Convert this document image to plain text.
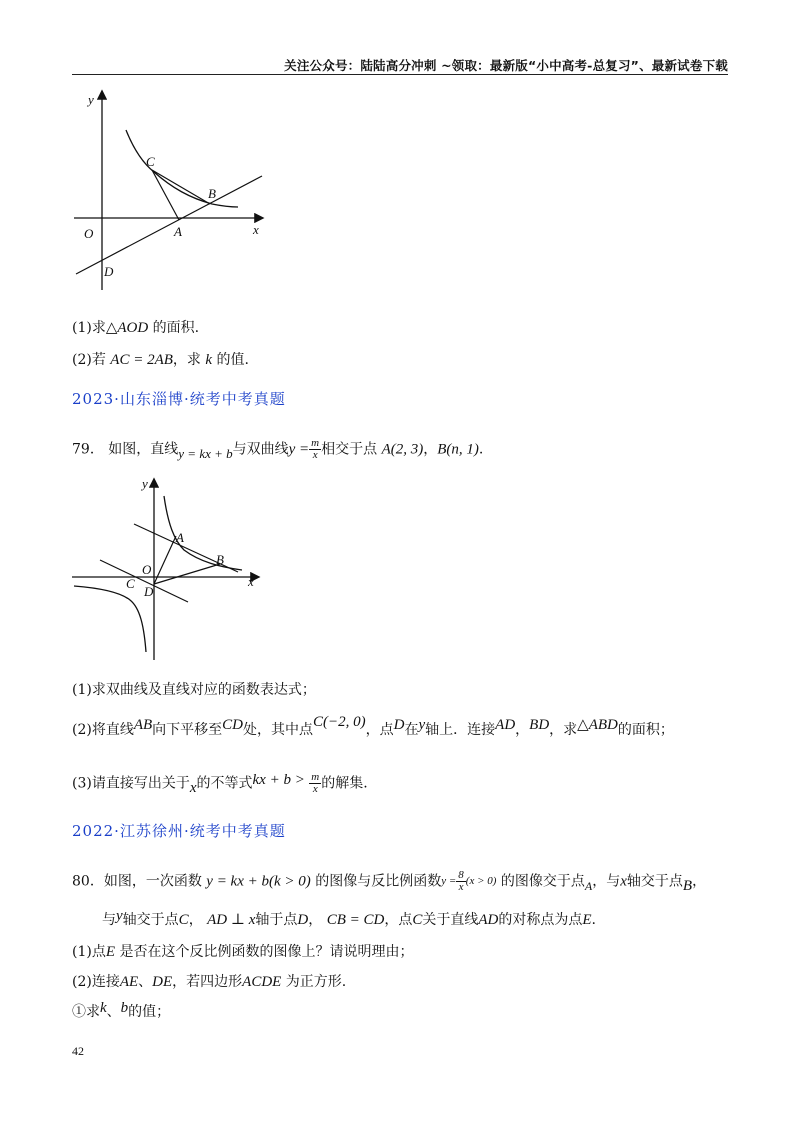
关注公众号：陆陆高分冲刺 ~领取：最新版“小中高考-总复习”、最新试卷下载
y
x
O	A
B
C
D
(1)求△AOD 的面积.
(2)若 AC = 2AB，求 k 的值.
2023·山东淄博·统考中考真题
79． 如图，直线y = kx + b与双曲线$y = \frac{m}{x}$ 相交于点 A(2, 3)，B(n, 1).
y
x
O
A
B
C
D
(1)求双曲线及直线对应的函数表达式；
(2)将直线AB向下平移至CD处，其中点C(−2, 0)，点D在y轴上．连接AD，BD，求△ABD的面积；
(3)请直接写出关于x的不等式kx + $b > \frac{m}{x}$ 的解集.
2022·江苏徐州·统考中考真题
80．如图，一次函数 y = kx + b(k > 0) 的图像与反比例函数$y = \frac{8}{x} (x > 0)$ 的图像交于点A，与x轴交于点B，
与y轴交于点C， AD ⊥ x轴于点D， CB = CD，点C关于直线AD的对称点为点E.
(1)点E 是否在这个反比例函数的图像上？请说明理由；
(2)连接AE、DE，若四边形ACDE 为正方形.
①求k、b的值；
42
